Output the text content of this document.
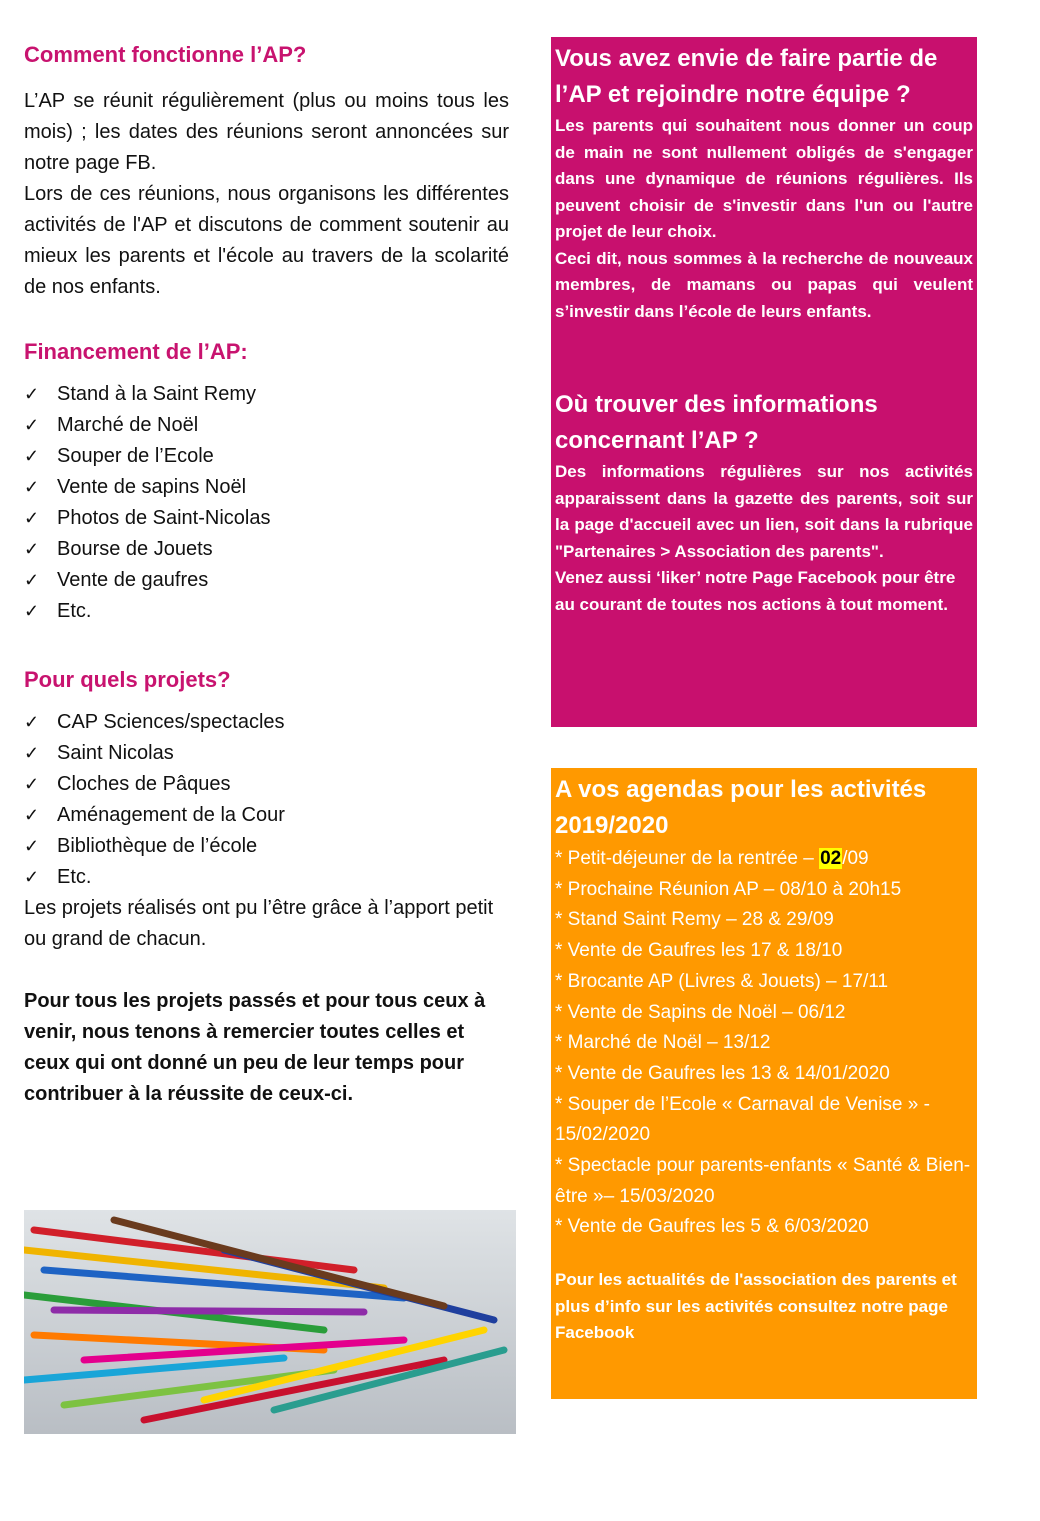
Comment fonctionne l’AP?

L’AP se réunit régulièrement (plus ou moins tous les mois) ; les dates des réunions seront annoncées sur notre page FB.

Lors de ces réunions, nous organisons les différentes activités de l'AP et discutons de comment soutenir au mieux les parents et l'école au travers de la scolarité de nos enfants.

Financement de l’AP:
✓ Stand à la Saint Remy
✓ Marché de Noël
✓ Souper de l’Ecole
✓ Vente de sapins Noël
✓ Photos de Saint-Nicolas
✓ Bourse de Jouets
✓ Vente de gaufres
✓ Etc.
Pour quels projets?
✓ CAP Sciences/spectacles
✓ Saint Nicolas
✓ Cloches de Pâques
✓ Aménagement de la Cour
✓ Bibliothèque de l’école
✓ Etc.

Les projets réalisés ont pu l’être grâce à l’apport petit ou grand de chacun.

Pour tous les projets passés et pour tous ceux à venir, nous tenons à remercier toutes celles et ceux qui ont donné un peu de leur temps pour contribuer à la réussite de ceux-ci.

Vous avez envie de faire partie de l’AP et rejoindre notre équipe ?

Les parents qui souhaitent nous donner un coup de main ne sont nullement obligés de s'engager dans une dynamique de réunions régulières. Ils peuvent choisir de s'investir dans l'un ou l'autre projet de leur choix.

Ceci dit, nous sommes à la recherche de nouveaux membres, de mamans ou papas qui veulent s’investir dans l’école de leurs enfants.

Où trouver des informations concernant l’AP ?

Des informations régulières sur nos activités apparaissent dans la gazette des parents, soit sur la page d'accueil avec un lien, soit dans la rubrique "Partenaires > Association des parents".

Venez aussi ‘liker’ notre Page Facebook pour être au courant de toutes nos actions à tout moment.

A vos agendas pour les activités 2019/2020
* Petit-déjeuner de la rentrée – 02/09
* Prochaine Réunion AP – 08/10 à 20h15
* Stand Saint Remy – 28 & 29/09
* Vente de Gaufres les 17 & 18/10
* Brocante AP (Livres & Jouets) – 17/11
* Vente de Sapins de Noël – 06/12
* Marché de Noël – 13/12
* Vente de Gaufres les 13 & 14/01/2020
* Souper de l’Ecole « Carnaval de Venise » - 15/02/2020
* Spectacle pour parents-enfants « Santé & Bien-être »– 15/03/2020
* Vente de Gaufres les 5 & 6/03/2020

Pour les actualités de l'association des parents et plus d’info sur les activités consultez notre page Facebook
